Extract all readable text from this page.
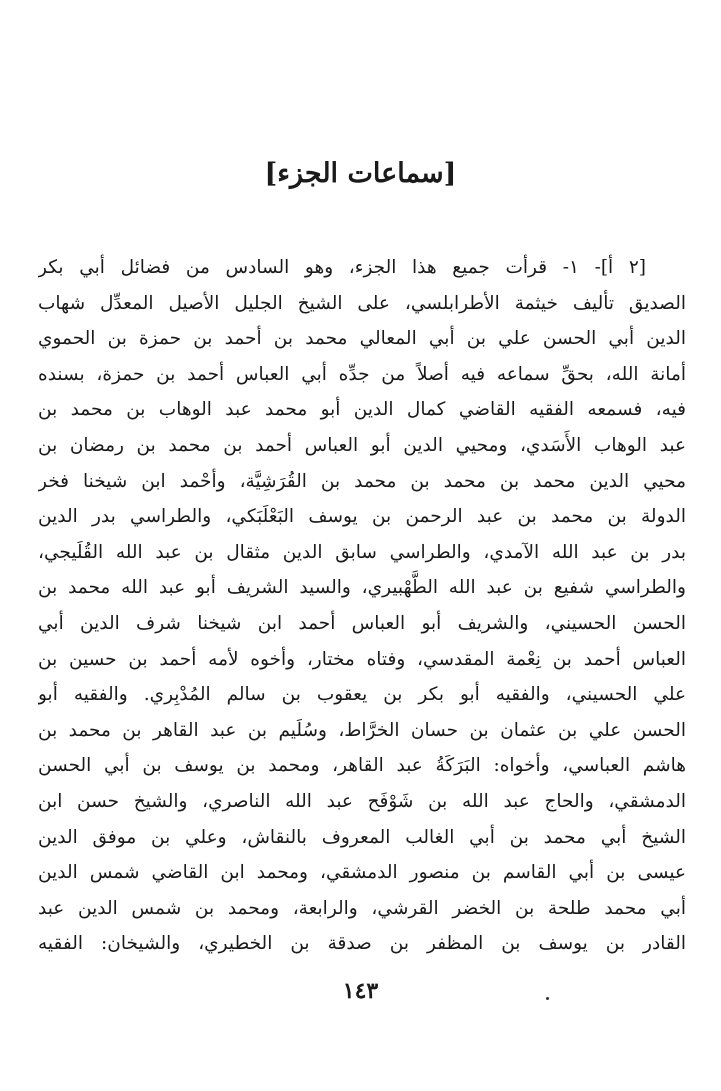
[سماعات الجزء]
[٢ أ]- ١- قرأت جميع هذا الجزء، وهو السادس من فضائل أبي بكر
الصديق تأليف خيثمة الأطرابلسي، على الشيخ الجليل الأصيل المعدِّل شهاب
الدين أبي الحسن علي بن أبي المعالي محمد بن أحمد بن حمزة بن الحموي
أمانة الله، بحقِّ سماعه فيه أصلاً من جدِّه أبي العباس أحمد بن حمزة، بسنده
فيه، فسمعه الفقيه القاضي كمال الدين أبو محمد عبد الوهاب بن محمد بن
عبد الوهاب الأَسَدي، ومحيي الدين أبو العباس أحمد بن محمد بن رمضان بن
محيي الدين محمد بن محمد بن محمد بن القُرَشِيَّة، وأحْمد ابن شيخنا فخر
الدولة بن محمد بن عبد الرحمن بن يوسف البَعْلَبَكي، والطراسي بدر الدين
بدر بن عبد الله الآمدي، والطراسي سابق الدين مثقال بن عبد الله القُلَيجي،
والطراسي شفيع بن عبد الله الطَّهْبيري، والسيد الشريف أبو عبد الله محمد بن
الحسن الحسيني، والشريف أبو العباس أحمد ابن شيخنا شرف الدين أبي
العباس أحمد بن نِعْمة المقدسي، وفتاه مختار، وأخوه لأمه أحمد بن حسين بن
علي الحسيني، والفقيه أبو بكر بن يعقوب بن سالم المُدْبِري. والفقيه أبو
الحسن علي بن عثمان بن حسان الخرَّاط، وسُلَيم بن عبد القاهر بن محمد بن
هاشم العباسي، وأخواه: البَرَكَةُ عبد القاهر، ومحمد بن يوسف بن أبي الحسن
الدمشقي، والحاج عبد الله بن شَوْفَح عبد الله الناصري، والشيخ حسن ابن
الشيخ أبي محمد بن أبي الغالب المعروف بالنقاش، وعلي بن موفق الدين
عيسى بن أبي القاسم بن منصور الدمشقي، ومحمد ابن القاضي شمس الدين
أبي محمد طلحة بن الخضر القرشي، والرابعة، ومحمد بن شمس الدين عبد
القادر بن يوسف بن المظفر بن صدقة بن الخطيري، والشيخان: الفقيه
١٤٣
